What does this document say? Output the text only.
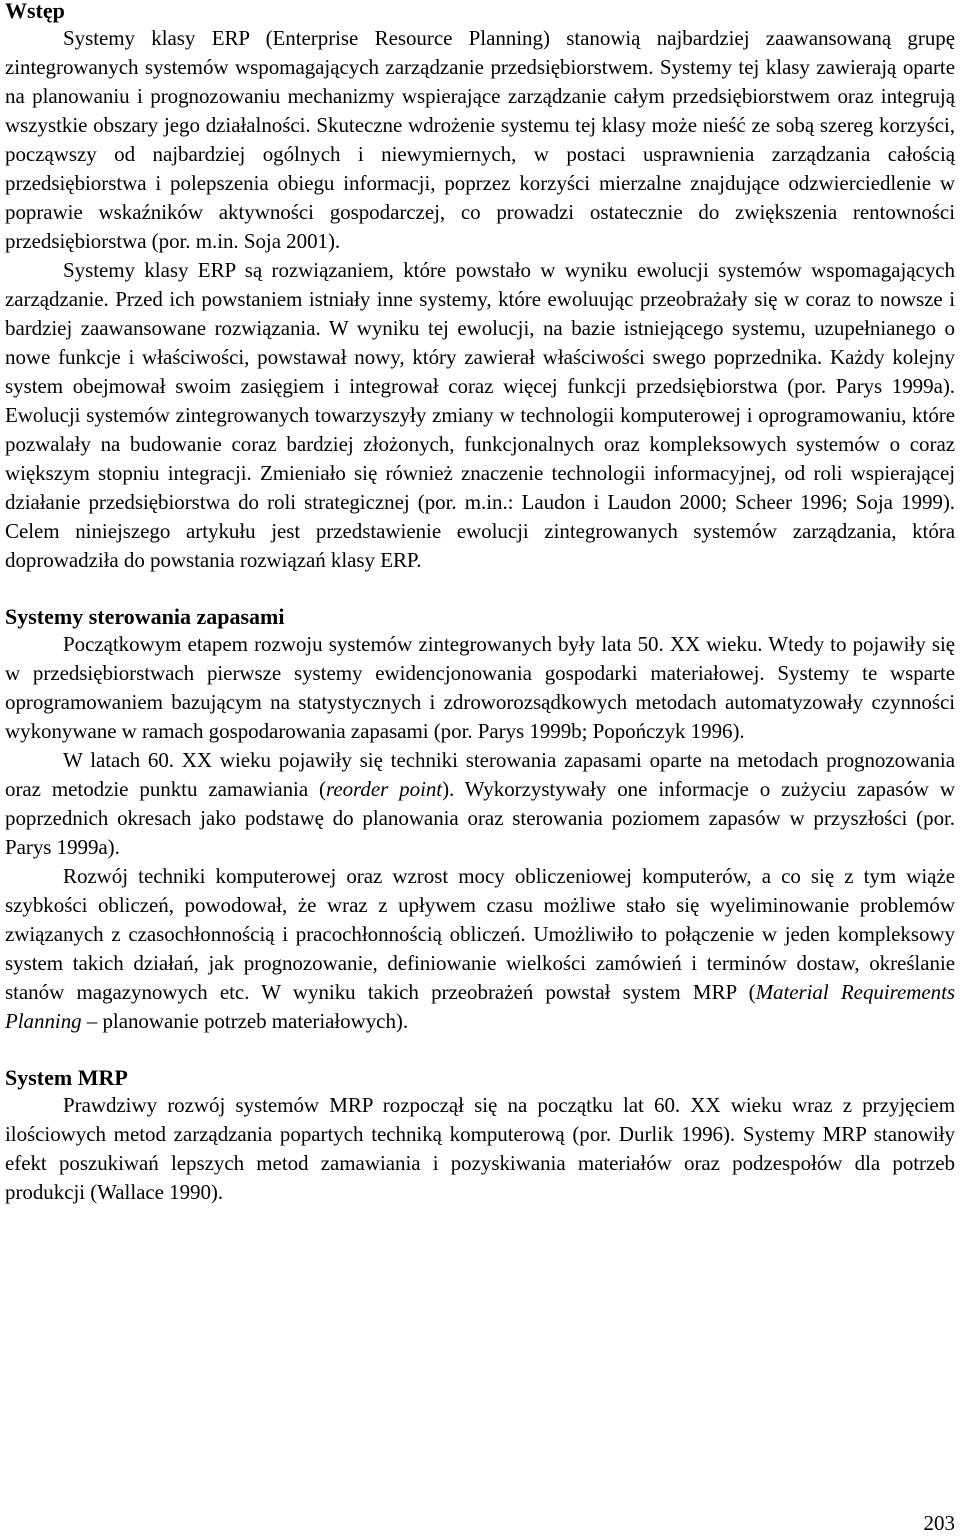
Wstęp

Systemy klasy ERP (Enterprise Resource Planning) stanowią najbardziej zaawansowaną grupę zintegrowanych systemów wspomagających zarządzanie przedsiębiorstwem. Systemy tej klasy zawierają oparte na planowaniu i prognozowaniu mechanizmy wspierające zarządzanie całym przedsiębiorstwem oraz integrują wszystkie obszary jego działalności. Skuteczne wdrożenie systemu tej klasy może nieść ze sobą szereg korzyści, począwszy od najbardziej ogólnych i niewymiernych, w postaci usprawnienia zarządzania całością przedsiębiorstwa i polepszenia obiegu informacji, poprzez korzyści mierzalne znajdujące odzwierciedlenie w poprawie wskaźników aktywności gospodarczej, co prowadzi ostatecznie do zwiększenia rentowności przedsiębiorstwa (por. m.in. Soja 2001).

Systemy klasy ERP są rozwiązaniem, które powstało w wyniku ewolucji systemów wspomagających zarządzanie. Przed ich powstaniem istniały inne systemy, które ewoluując przeobrażały się w coraz to nowsze i bardziej zaawansowane rozwiązania. W wyniku tej ewolucji, na bazie istniejącego systemu, uzupełnianego o nowe funkcje i właściwości, powstawał nowy, który zawierał właściwości swego poprzednika. Każdy kolejny system obejmował swoim zasięgiem i integrował coraz więcej funkcji przedsiębiorstwa (por. Parys 1999a). Ewolucji systemów zintegrowanych towarzyszyły zmiany w technologii komputerowej i oprogramowaniu, które pozwalały na budowanie coraz bardziej złożonych, funkcjonalnych oraz kompleksowych systemów o coraz większym stopniu integracji. Zmieniało się również znaczenie technologii informacyjnej, od roli wspierającej działanie przedsiębiorstwa do roli strategicznej (por. m.in.: Laudon i Laudon 2000; Scheer 1996; Soja 1999). Celem niniejszego artykułu jest przedstawienie ewolucji zintegrowanych systemów zarządzania, która doprowadziła do powstania rozwiązań klasy ERP.

Systemy sterowania zapasami

Początkowym etapem rozwoju systemów zintegrowanych były lata 50. XX wieku. Wtedy to pojawiły się w przedsiębiorstwach pierwsze systemy ewidencjonowania gospodarki materiałowej. Systemy te wsparte oprogramowaniem bazującym na statystycznych i zdroworozsądkowych metodach automatyzowały czynności wykonywane w ramach gospodarowania zapasami (por. Parys 1999b; Popończyk 1996).

W latach 60. XX wieku pojawiły się techniki sterowania zapasami oparte na metodach prognozowania oraz metodzie punktu zamawiania (reorder point). Wykorzystywały one informacje o zużyciu zapasów w poprzednich okresach jako podstawę do planowania oraz sterowania poziomem zapasów w przyszłości (por. Parys 1999a).

Rozwój techniki komputerowej oraz wzrost mocy obliczeniowej komputerów, a co się z tym wiąże szybkości obliczeń, powodował, że wraz z upływem czasu możliwe stało się wyeliminowanie problemów związanych z czasochłonnością i pracochłonnością obliczeń. Umożliwiło to połączenie w jeden kompleksowy system takich działań, jak prognozowanie, definiowanie wielkości zamówień i terminów dostaw, określanie stanów magazynowych etc. W wyniku takich przeobrażeń powstał system MRP (Material Requirements Planning – planowanie potrzeb materiałowych).

System MRP

Prawdziwy rozwój systemów MRP rozpoczął się na początku lat 60. XX wieku wraz z przyjęciem ilościowych metod zarządzania popartych techniką komputerową (por. Durlik 1996). Systemy MRP stanowiły efekt poszukiwań lepszych metod zamawiania i pozyskiwania materiałów oraz podzespołów dla potrzeb produkcji (Wallace 1990).

203
